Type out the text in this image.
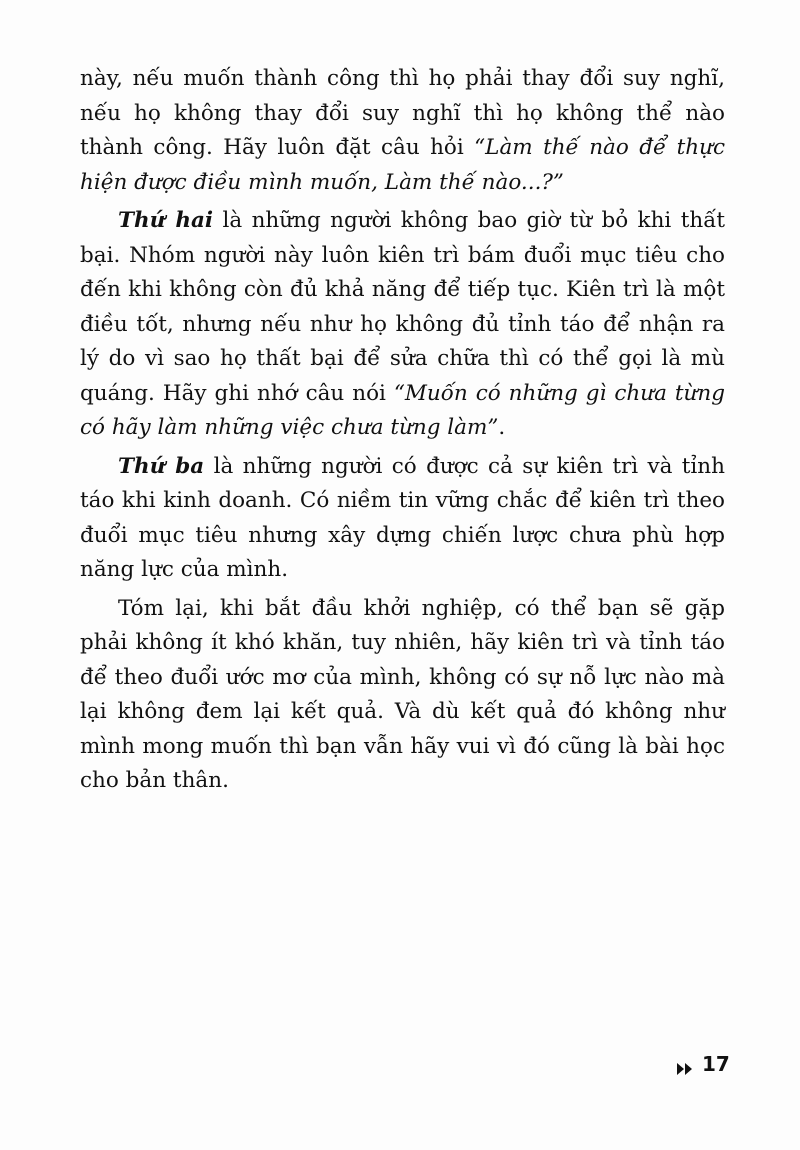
này, nếu muốn thành công thì họ phải thay đổi suy nghĩ, nếu họ không thay đổi suy nghĩ thì họ không thể nào thành công. Hãy luôn đặt câu hỏi “Làm thế nào để thực hiện được điều mình muốn, Làm thế nào...?”

Thứ hai là những người không bao giờ từ bỏ khi thất bại. Nhóm người này luôn kiên trì bám đuổi mục tiêu cho đến khi không còn đủ khả năng để tiếp tục. Kiên trì là một điều tốt, nhưng nếu như họ không đủ tỉnh táo để nhận ra lý do vì sao họ thất bại để sửa chữa thì có thể gọi là mù quáng. Hãy ghi nhớ câu nói “Muốn có những gì chưa từng có hãy làm những việc chưa từng làm”.

Thứ ba là những người có được cả sự kiên trì và tỉnh táo khi kinh doanh. Có niềm tin vững chắc để kiên trì theo đuổi mục tiêu nhưng xây dựng chiến lược chưa phù hợp năng lực của mình.

Tóm lại, khi bắt đầu khởi nghiệp, có thể bạn sẽ gặp phải không ít khó khăn, tuy nhiên, hãy kiên trì và tỉnh táo để theo đuổi ước mơ của mình, không có sự nỗ lực nào mà lại không đem lại kết quả. Và dù kết quả đó không như mình mong muốn thì bạn vẫn hãy vui vì đó cũng là bài học cho bản thân.

17
